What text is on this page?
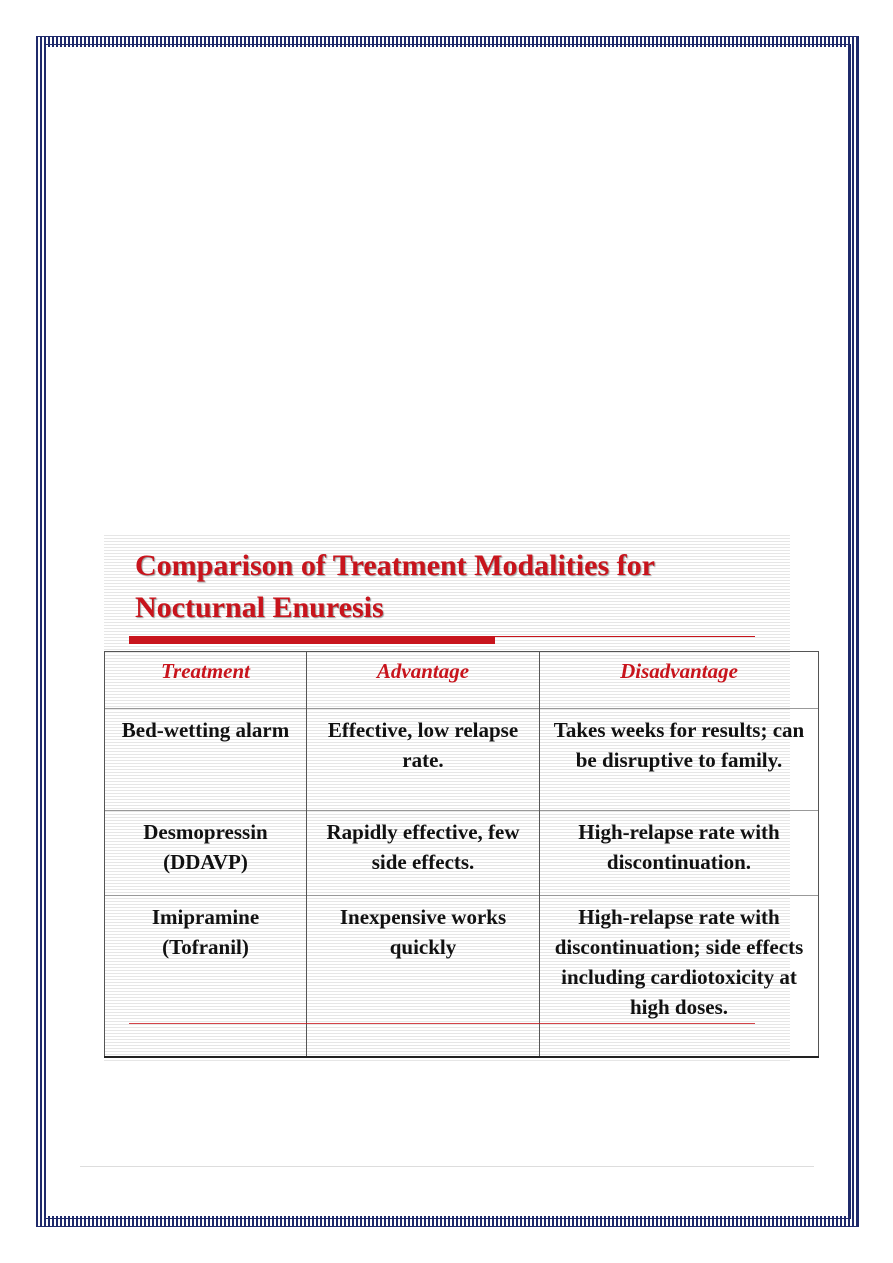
Comparison of Treatment Modalities for Nocturnal Enuresis
Treatment	Advantage	Disadvantage
Bed-wetting alarm	Effective, low relapse rate.	Takes weeks for results; can be disruptive to family.
Desmopressin (DDAVP)	Rapidly effective, few side effects.	High-relapse rate with discontinuation.
Imipramine (Tofranil)	Inexpensive works quickly	High-relapse rate with discontinuation; side effects including cardiotoxicity at high doses.
